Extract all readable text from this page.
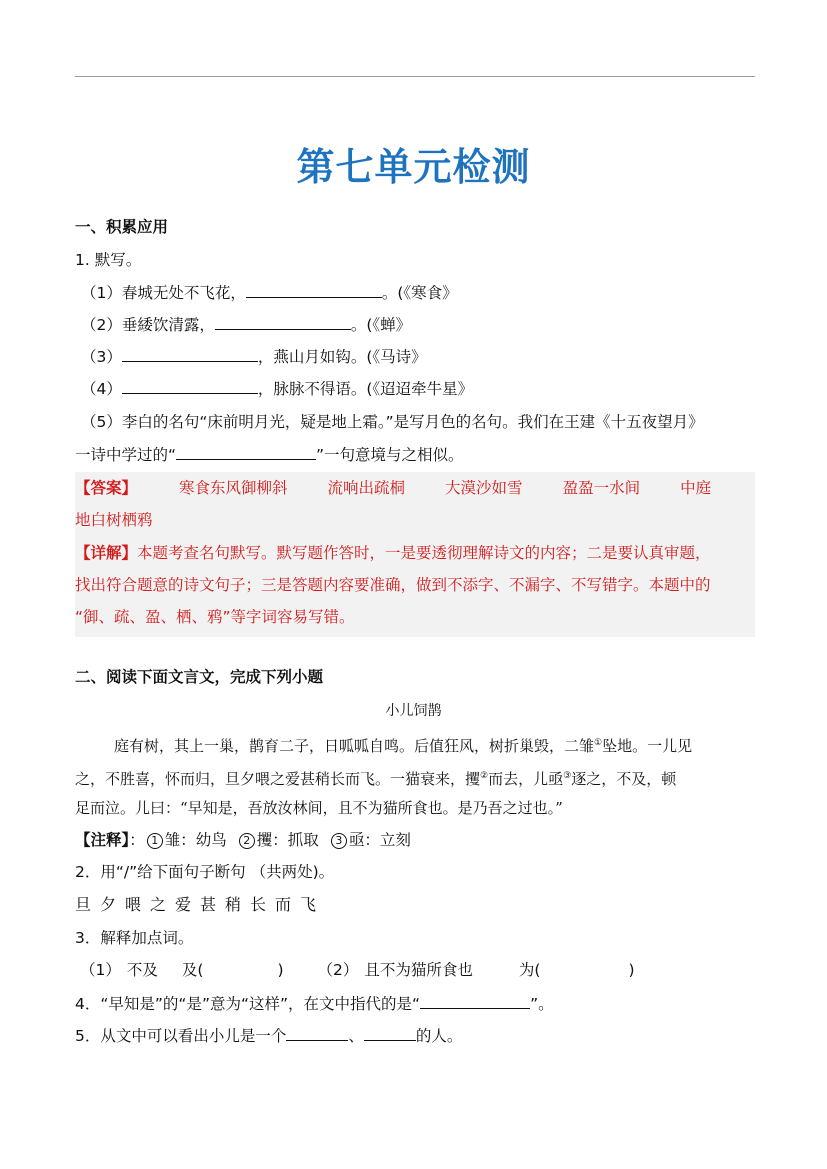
第七单元检测
一、积累应用
1. 默写。
（1）春城无处不飞花，	。(《寒食》
（2）垂緌饮清露，	。(《蝉》
（3）	，燕山月如钩。(《马诗》
（4）	，脉脉不得语。(《迢迢牵牛星》
（5）李白的名句“床前明月光，疑是地上霜。”是写月色的名句。我们在王建《十五夜望月》
一诗中学过的“	”一句意境与之相似。
【答案】	寒食东风御柳斜	流响出疏桐	大漠沙如雪	盈盈一水间	中庭
地白树栖鸦
【详解】本题考查名句默写。默写题作答时，一是要透彻理解诗文的内容；二是要认真审题，
找出符合题意的诗文句子；三是答题内容要准确，做到不添字、不漏字、不写错字。本题中的
“御、疏、盈、栖、鸦”等字词容易写错。
二、阅读下面文言文，完成下列小题
小儿饲鹊
庭有树，其上一巢，鹊育二子，日呱呱自鸣。后值狂风，树折巢毁，二雏①坠地。一儿见
之，不胜喜，怀而归，旦夕喂之爱甚稍长而飞。一猫衰来，攫②而去，儿亟③逐之，不及，顿
足而泣。儿曰：“早知是，吾放汝林间，且不为猫所食也。是乃吾之过也。”
【注释】： 1 雏：幼鸟 2 攫：抓取 3 亟：立刻
2．用“/”给下面句子断句 （共两处)。
旦 夕 喂 之 爱 甚 稍 长 而 飞
3．解释加点词。
（1） 不及 及(	) （2） 且不为猫所食也	为(	)
4．“早知是”的“是”意为“这样”，在文中指代的是“	”。
5．从文中可以看出小儿是一个	、	的人。
